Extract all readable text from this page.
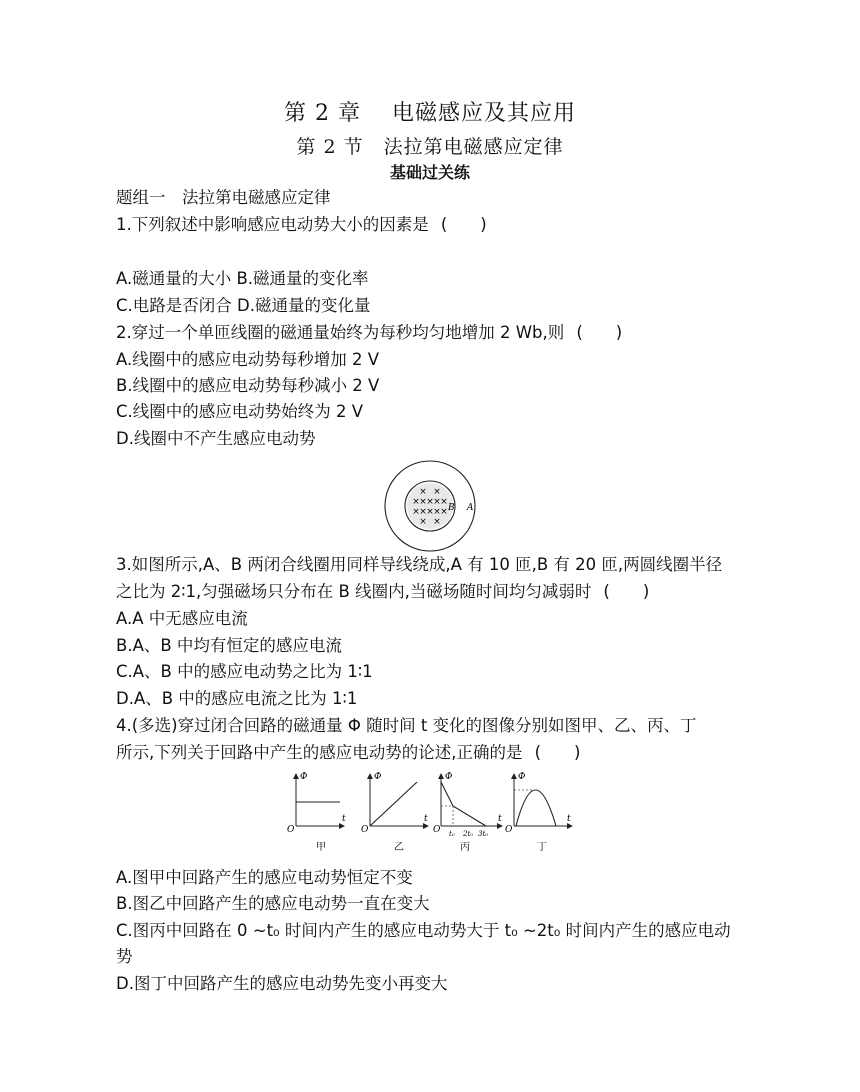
第 2 章　 电磁感应及其应用
第 2 节　法拉第电磁感应定律
基础过关练
题组一　法拉第电磁感应定律
1.下列叙述中影响感应电动势大小的因素是 (　　)
A.磁通量的大小 B.磁通量的变化率
C.电路是否闭合 D.磁通量的变化量
2.穿过一个单匝线圈的磁通量始终为每秒均匀地增加 2 Wb,则 (　　)
A.线圈中的感应电动势每秒增加 2 V
B.线圈中的感应电动势每秒减小 2 V
C.线圈中的感应电动势始终为 2 V
D.线圈中不产生感应电动势
× ×
× × × × ×
× × × × ×
× ×
B A
3.如图所示,A、B 两闭合线圈用同样导线绕成,A 有 10 匝,B 有 20 匝,两圆线圈半径
之比为 2∶1,匀强磁场只分布在 B 线圈内,当磁场随时间均匀减弱时 (　　)
A.A 中无感应电流
B.A、B 中均有恒定的感应电流
C.A、B 中的感应电动势之比为 1∶1
D.A、B 中的感应电流之比为 1∶1
4.(多选)穿过闭合回路的磁通量 Φ 随时间 t 变化的图像分别如图甲、乙、丙、丁
所示,下列关于回路中产生的感应电动势的论述,正确的是 (　　)
Φ
t
O
甲
Φ
t
O
乙
Φ
t
O t₀ 2t₀ 3t₀
丙
Φ
t
O
丁
A.图甲中回路产生的感应电动势恒定不变
B.图乙中回路产生的感应电动势一直在变大
C.图丙中回路在 0 ~t₀ 时间内产生的感应电动势大于 t₀ ~2t₀ 时间内产生的感应电动
势
D.图丁中回路产生的感应电动势先变小再变大
